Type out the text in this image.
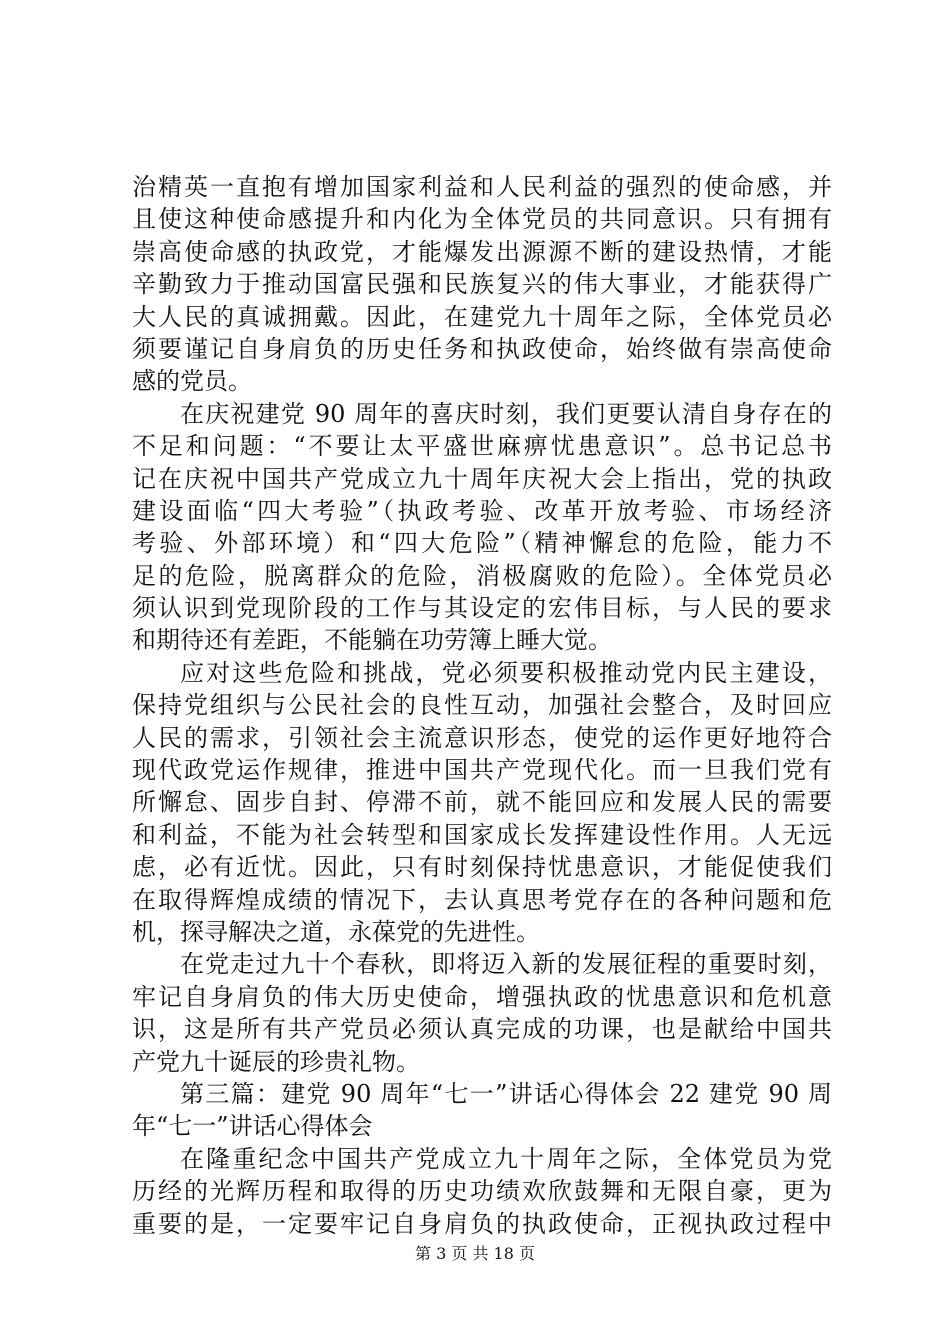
治精英一直抱有增加国家利益和人民利益的强烈的使命感，并
且使这种使命感提升和内化为全体党员的共同意识。只有拥有
崇高使命感的执政党，才能爆发出源源不断的建设热情，才能
辛勤致力于推动国富民强和民族复兴的伟大事业，才能获得广
大人民的真诚拥戴。因此，在建党九十周年之际，全体党员必
须要谨记自身肩负的历史任务和执政使命，始终做有崇高使命
感的党员。
在庆祝建党 90 周年的喜庆时刻，我们更要认清自身存在的
不足和问题：“不要让太平盛世麻痹忧患意识”。总书记总书
记在庆祝中国共产党成立九十周年庆祝大会上指出，党的执政
建设面临“四大考验”（执政考验、改革开放考验、市场经济
考验、外部环境）和“四大危险”（精神懈怠的危险，能力不
足的危险，脱离群众的危险，消极腐败的危险）。全体党员必
须认识到党现阶段的工作与其设定的宏伟目标，与人民的要求
和期待还有差距，不能躺在功劳簿上睡大觉。
应对这些危险和挑战，党必须要积极推动党内民主建设，
保持党组织与公民社会的良性互动，加强社会整合，及时回应
人民的需求，引领社会主流意识形态，使党的运作更好地符合
现代政党运作规律，推进中国共产党现代化。而一旦我们党有
所懈怠、固步自封、停滞不前，就不能回应和发展人民的需要
和利益，不能为社会转型和国家成长发挥建设性作用。人无远
虑，必有近忧。因此，只有时刻保持忧患意识，才能促使我们
在取得辉煌成绩的情况下，去认真思考党存在的各种问题和危
机，探寻解决之道，永葆党的先进性。
在党走过九十个春秋，即将迈入新的发展征程的重要时刻，
牢记自身肩负的伟大历史使命，增强执政的忧患意识和危机意
识，这是所有共产党员必须认真完成的功课，也是献给中国共
产党九十诞辰的珍贵礼物。
第三篇：建党 90 周年“七一”讲话心得体会 22 建党 90 周
年“七一”讲话心得体会
在隆重纪念中国共产党成立九十周年之际，全体党员为党
历经的光辉历程和取得的历史功绩欢欣鼓舞和无限自豪，更为
重要的是，一定要牢记自身肩负的执政使命，正视执政过程中
第 3 页 共 18 页
